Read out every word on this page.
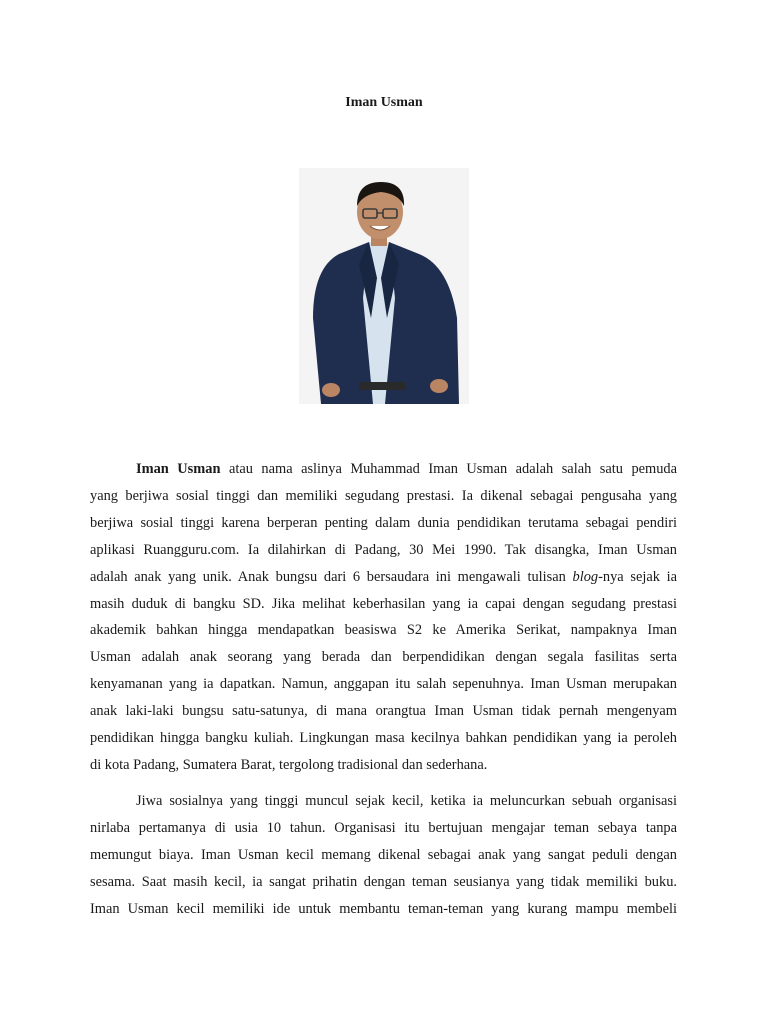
Iman Usman
Iman Usman atau nama aslinya Muhammad Iman Usman adalah salah satu pemuda
yang berjiwa sosial tinggi dan memiliki segudang prestasi. Ia dikenal sebagai pengusaha yang
berjiwa sosial tinggi karena berperan penting dalam dunia pendidikan terutama sebagai pendiri
aplikasi Ruangguru.com. Ia dilahirkan di Padang, 30 Mei 1990. Tak disangka, Iman Usman
adalah anak yang unik. Anak bungsu dari 6 bersaudara ini mengawali tulisan blog-nya sejak ia
masih duduk di bangku SD. Jika melihat keberhasilan yang ia capai dengan segudang prestasi
akademik bahkan hingga mendapatkan beasiswa S2 ke Amerika Serikat, nampaknya Iman
Usman adalah anak seorang yang berada dan berpendidikan dengan segala fasilitas serta
kenyamanan yang ia dapatkan. Namun, anggapan itu salah sepenuhnya. Iman Usman merupakan
anak laki-laki bungsu satu-satunya, di mana orangtua Iman Usman tidak pernah mengenyam
pendidikan hingga bangku kuliah. Lingkungan masa kecilnya bahkan pendidikan yang ia peroleh
di kota Padang, Sumatera Barat, tergolong tradisional dan sederhana.
Jiwa sosialnya yang tinggi muncul sejak kecil, ketika ia meluncurkan sebuah organisasi
nirlaba pertamanya di usia 10 tahun. Organisasi itu bertujuan mengajar teman sebaya tanpa
memungut biaya. Iman Usman kecil memang dikenal sebagai anak yang sangat peduli dengan
sesama. Saat masih kecil, ia sangat prihatin dengan teman seusianya yang tidak memiliki buku.
Iman Usman kecil memiliki ide untuk membantu teman-teman yang kurang mampu membeli
